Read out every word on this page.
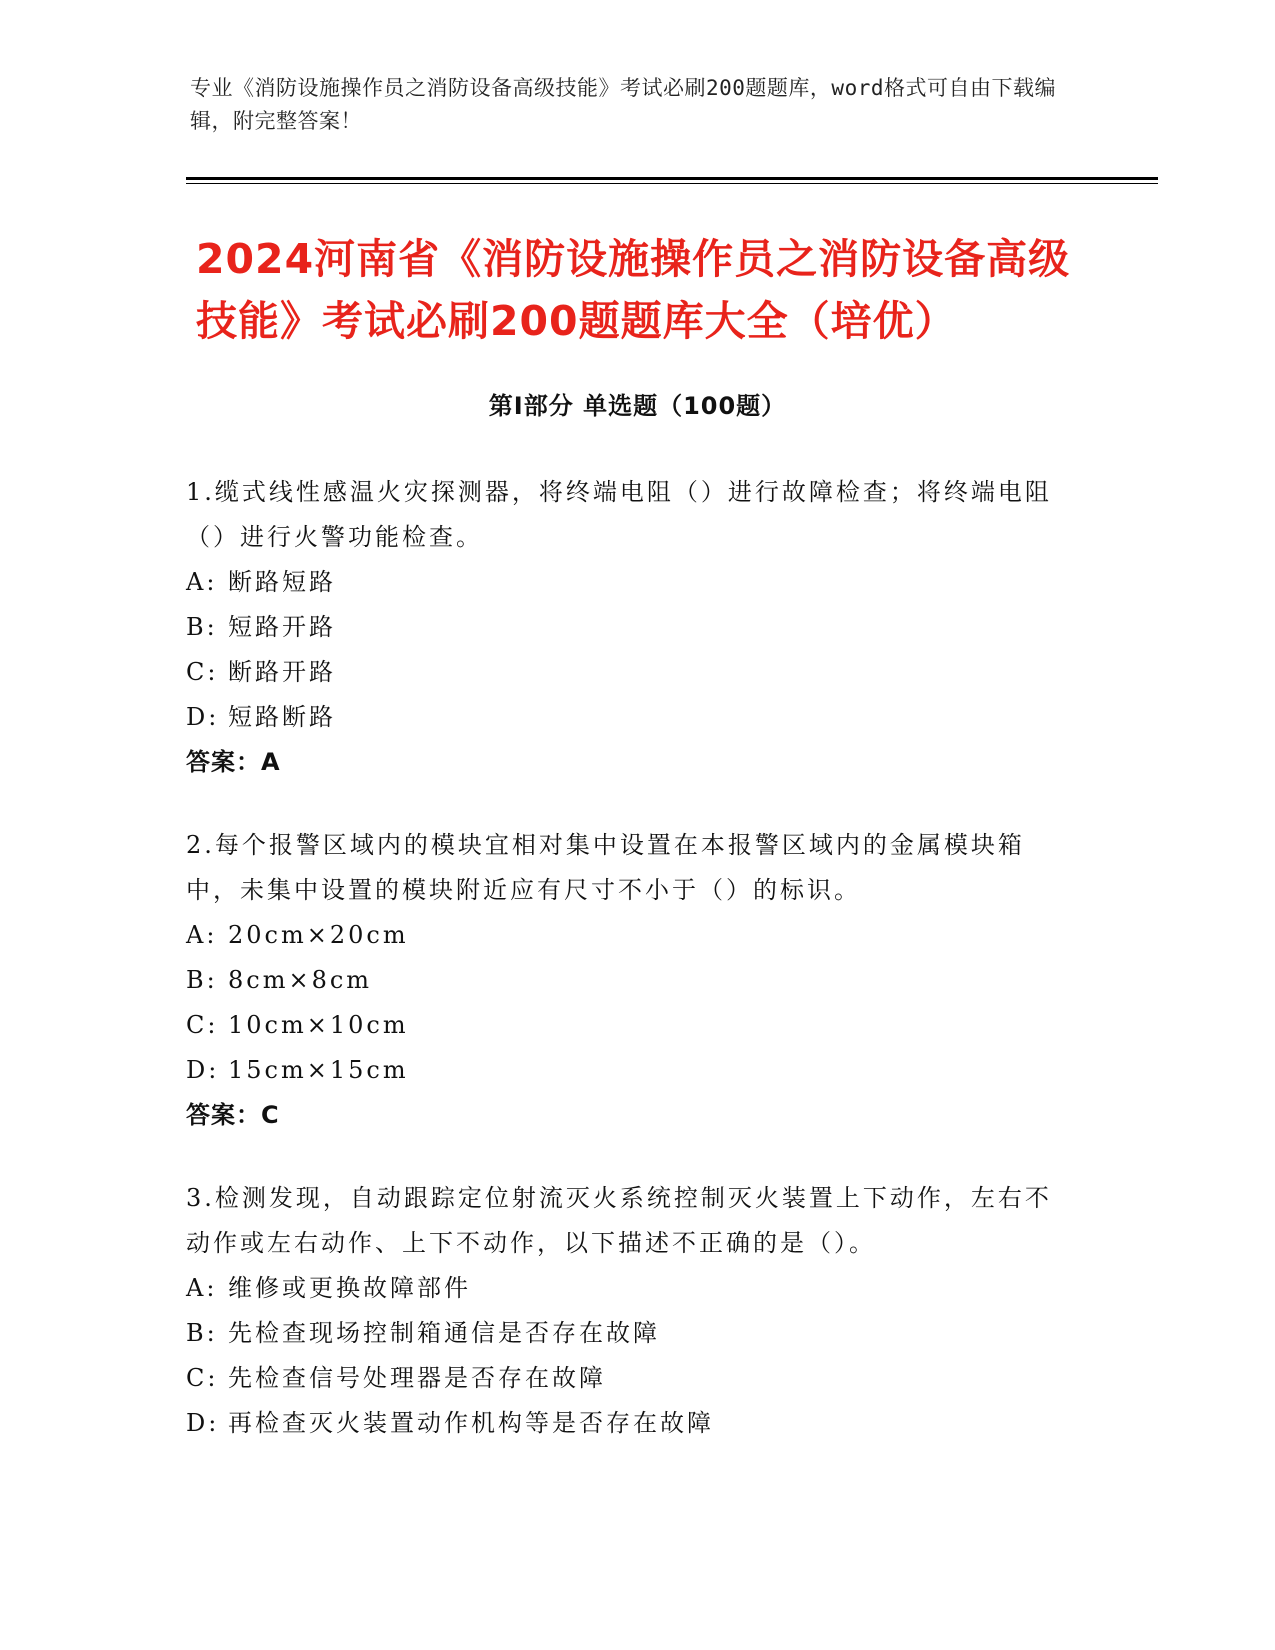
专业《消防设施操作员之消防设备高级技能》考试必刷200题题库，word格式可自由下载编辑，附完整答案！
2024河南省《消防设施操作员之消防设备高级技能》考试必刷200题题库大全（培优）
第Ⅰ部分 单选题（100题）
1.缆式线性感温火灾探测器，将终端电阻（）进行故障检查；将终端电阻（）进行火警功能检查。
A: 断路短路
B: 短路开路
C: 断路开路
D: 短路断路
答案：A
2.每个报警区域内的模块宜相对集中设置在本报警区域内的金属模块箱中，未集中设置的模块附近应有尺寸不小于（）的标识。
A: 20cm×20cm
B: 8cm×8cm
C: 10cm×10cm
D: 15cm×15cm
答案：C
3.检测发现，自动跟踪定位射流灭火系统控制灭火装置上下动作，左右不动作或左右动作、上下不动作，以下描述不正确的是（）。
A: 维修或更换故障部件
B: 先检查现场控制箱通信是否存在故障
C: 先检查信号处理器是否存在故障
D: 再检查灭火装置动作机构等是否存在故障
